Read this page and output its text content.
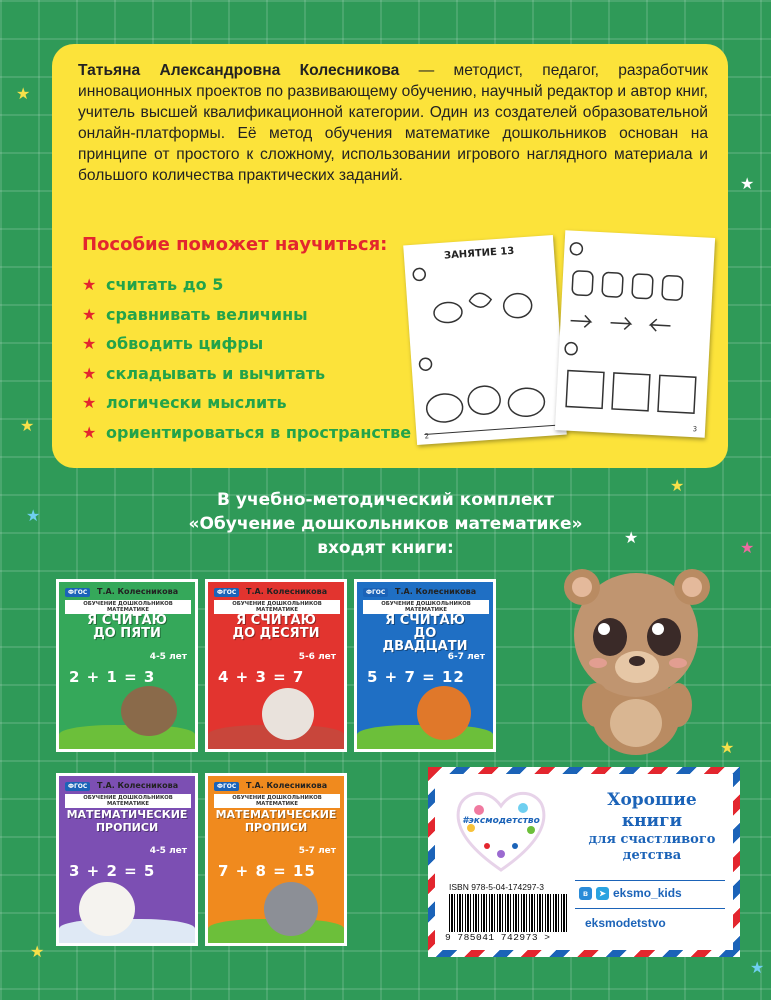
★
★
★
★
★
★
★
★
★
★

Татьяна Александровна Колесникова — методист, педагог, разработчик инновационных проектов по развивающему обучению, научный редактор и автор книг, учитель высшей квалификационной категории. Один из создателей образовательной онлайн-платформы. Её метод обучения математике дошкольников основан на принципе от простого к сложному, использовании игрового наглядного материала и большого количества практических заданий.

Пособие поможет научиться:
★ считать до 5
★ сравнивать величины
★ обводить цифры
★ складывать и вычитать
★ логически мыслить
★ ориентироваться в пространстве
ЗАНЯТИЕ 13
2
3
В учебно-методический комплект
«Обучение дошкольников математике»
входят книги:
ФГОС	Т.А. Колесникова
ОБУЧЕНИЕ ДОШКОЛЬНИКОВ МАТЕМАТИКЕ
Я СЧИТАЮ ДО ПЯТИ
4-5 лет
2 + 1 = 3
ФГОС	Т.А. Колесникова
ОБУЧЕНИЕ ДОШКОЛЬНИКОВ МАТЕМАТИКЕ
Я СЧИТАЮ ДО ДЕСЯТИ
5-6 лет
4 + 3 = 7
ФГОС	Т.А. Колесникова
ОБУЧЕНИЕ ДОШКОЛЬНИКОВ МАТЕМАТИКЕ
Я СЧИТАЮ ДО ДВАДЦАТИ
6-7 лет
5 + 7 = 12
ФГОС	Т.А. Колесникова
ОБУЧЕНИЕ ДОШКОЛЬНИКОВ МАТЕМАТИКЕ
МАТЕМАТИЧЕСКИЕ ПРОПИСИ
4-5 лет
3 + 2 = 5
ФГОС	Т.А. Колесникова
ОБУЧЕНИЕ ДОШКОЛЬНИКОВ МАТЕМАТИКЕ
МАТЕМАТИЧЕСКИЕ ПРОПИСИ
5-7 лет
7 + 8 = 15
#эксмодетство
Хорошие
книги
для счастливого
детства
ISBN 978-5-04-174297-3
9 785041 742973 >
в	➤ eksmo_kids
eksmodetstvo
